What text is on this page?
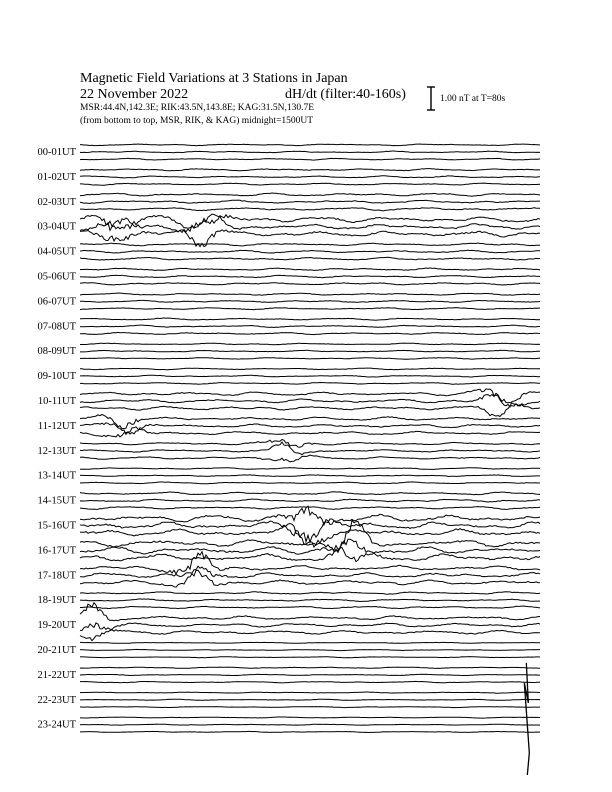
Magnetic Field Variations at 3 Stations in Japan
22 November 2022	dH/dt (filter:40-160s)
MSR:44.4N,142.3E; RIK:43.5N,143.8E; KAG:31.5N,130.7E
(from bottom to top, MSR, RIK, & KAG) midnight=1500UT
1.00 nT at T=80s
00-01UT
01-02UT
02-03UT
03-04UT
04-05UT
05-06UT
06-07UT
07-08UT
08-09UT
09-10UT
10-11UT
11-12UT
12-13UT
13-14UT
14-15UT
15-16UT
16-17UT
17-18UT
18-19UT
19-20UT
20-21UT
21-22UT
22-23UT
23-24UT
